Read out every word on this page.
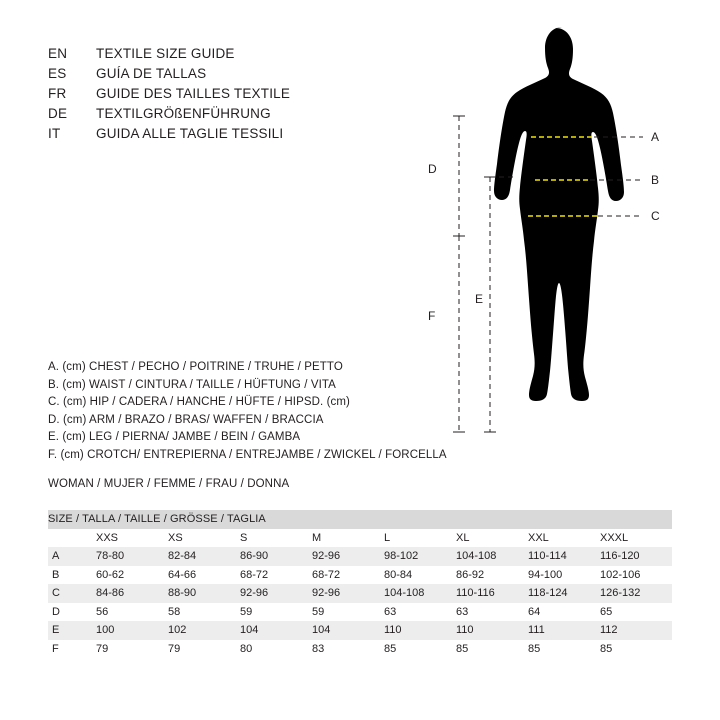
EN	TEXTILE SIZE GUIDE
ES	GUÍA DE TALLAS
FR	GUIDE DES TAILLES TEXTILE
DE	TEXTILGRÖßENFÜHRUNG
IT	GUIDA ALLE TAGLIE TESSILI	A
B
C
D
E
F
A. (cm) CHEST / PECHO / POITRINE / TRUHE / PETTO
B. (cm) WAIST / CINTURA / TAILLE / HÜFTUNG / VITA
C. (cm) HIP / CADERA / HANCHE / HÜFTE / HIPSD. (cm)
D. (cm) ARM / BRAZO / BRAS/ WAFFEN / BRACCIA
E. (cm) LEG / PIERNA/ JAMBE / BEIN / GAMBA
F. (cm) CROTCH/ ENTREPIERNA / ENTREJAMBE / ZWICKEL / FORCELLA
WOMAN / MUJER / FEMME / FRAU / DONNA
SIZE / TALLA / TAILLE / GRÖSSE / TAGLIA								
	XXS	XS	S	M	L	XL	XXL	XXXL
A	78-80	82-84	86-90	92-96	98-102	104-108	110-114	116-120
B	60-62	64-66	68-72	68-72	80-84	86-92	94-100	102-106
C	84-86	88-90	92-96	92-96	104-108	110-116	118-124	126-132
D	56	58	59	59	63	63	64	65
E	100	102	104	104	110	110	111	112
F	79	79	80	83	85	85	85	85
